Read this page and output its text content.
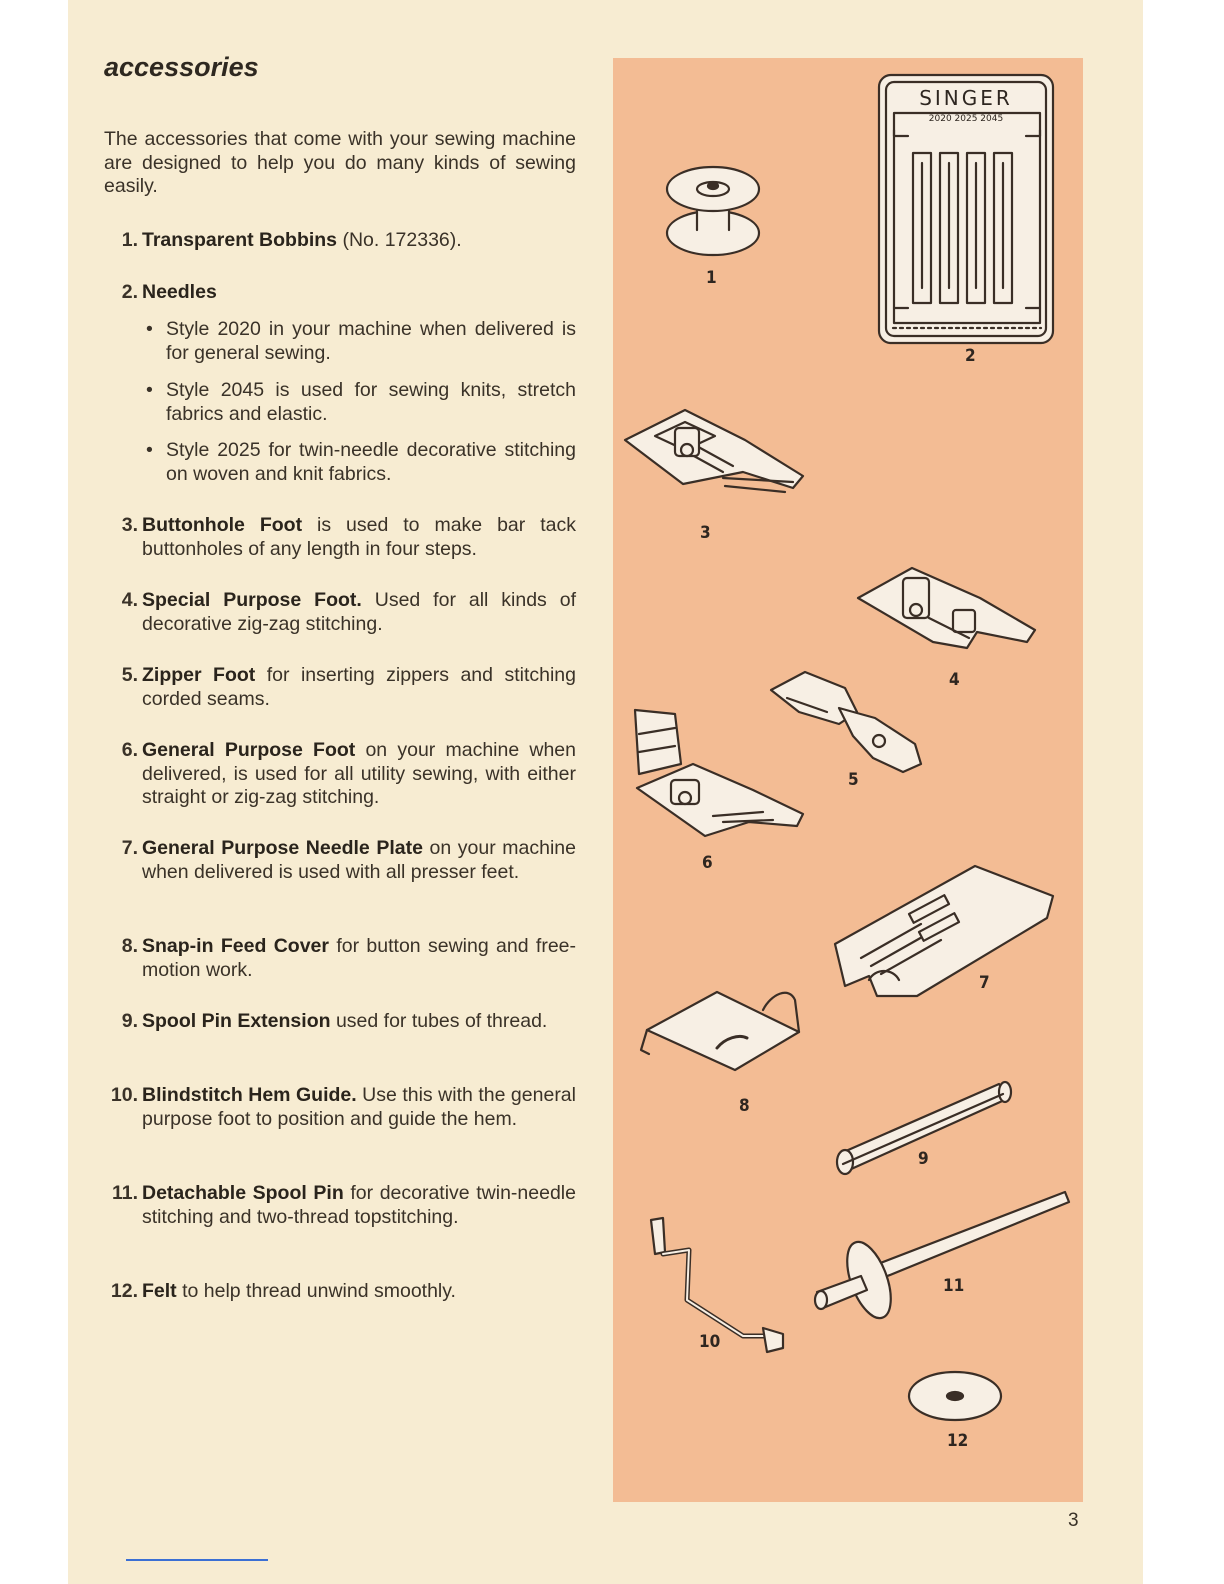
accessories
The accessories that come with your sewing machine are designed to help you do many kinds of sewing easily.
1. Transparent Bobbins (No. 172336).
2. Needles
• Style 2020 in your machine when delivered is for general sewing.
• Style 2045 is used for sewing knits, stretch fabrics and elastic.
• Style 2025 for twin-needle decorative stitching on woven and knit fabrics.
3. Buttonhole Foot is used to make bar tack buttonholes of any length in four steps.
4. Special Purpose Foot. Used for all kinds of decorative zig-zag stitching.
5. Zipper Foot for inserting zippers and stitching corded seams.
6. General Purpose Foot on your machine when delivered, is used for all utility sewing, with either straight or zig-zag stitching.
7. General Purpose Needle Plate on your machine when delivered is used with all presser feet.
8. Snap-in Feed Cover for button sewing and free-motion work.
9. Spool Pin Extension used for tubes of thread.
10. Blindstitch Hem Guide. Use this with the general purpose foot to position and guide the hem.
11. Detachable Spool Pin for decorative twin-needle stitching and two-thread topstitching.
12. Felt to help thread unwind smoothly.
SINGER
2020 2025 2045
1
2
3
4
5
6
7
8
9
10
11
12
3
